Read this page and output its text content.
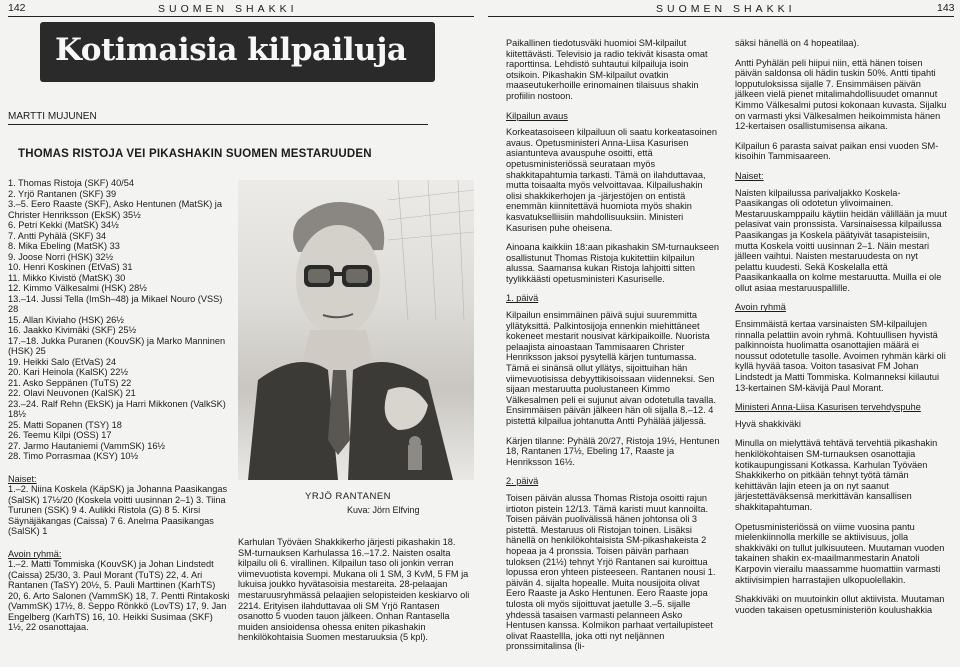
142	SUOMEN SHAKKI
Kotimaisia kilpailuja
MARTTI MUJUNEN
THOMAS RISTOJA VEI PIKASHAKIN SUOMEN MESTARUUDEN
1. Thomas Ristoja (SKF) 40/54
2. Yrjö Rantanen (SKF) 39
3.–5. Eero Raaste (SKF), Asko Hentunen (MatSK) ja Christer Henriksson (EkSK) 35½
6. Petri Kekki (MatSK) 34½
7. Antti Pyhälä (SKF) 34
8. Mika Ebeling (MatSK) 33
9. Joose Norri (HSK) 32½
10. Henri Koskinen (EtVaS) 31
11. Mikko Kivistö (MatSK) 30
12. Kimmo Välkesalmi (HSK) 28½
13.–14. Jussi Tella (ImSh–48) ja Mikael Nouro (VSS) 28
15. Allan Kiviaho (HSK) 26½
16. Jaakko Kivimäki (SKF) 25½
17.–18. Jukka Puranen (KouvSK) ja Marko Manninen (HSK) 25
19. Heikki Salo (EtVaS) 24
20. Kari Heinola (KalSK) 22½
21. Asko Seppänen (TuTS) 22
22. Olavi Neuvonen (KalSK) 21
23.–24. Ralf Rehn (EkSK) ja Harri Mikkonen (ValkSK) 18½
25. Matti Sopanen (TSY) 18
26. Teemu Kilpi (OSS) 17
27. Jarmo Hautaniemi (VammSK) 16½
28. Timo Porrasmaa (KSY) 10½
Naiset:
1.–2. Niina Koskela (KäpSK) ja Johanna Paasikangas (SalSK) 17½/20 (Koskela voitti uusinnan 2–1) 3. Tiina Turunen (SSK) 9 4. Aulikki Ristola (G) 8 5. Kirsi Säynäjäkangas (Caissa) 7 6. Anelma Paasikangas (SalSK) 1
Avoin ryhmä:
1.–2. Matti Tommiska (KouvSK) ja Johan Lindstedt (Caissa) 25/30, 3. Paul Morant (TuTS) 22, 4. Ari Rantanen (TaSY) 20½, 5. Pauli Marttinen (KarhTS) 20, 6. Arto Salonen (VammSK) 18, 7. Pentti Rintakoski (VammSK) 17½, 8. Seppo Rönkkö (LovTS) 17, 9. Jan Engelberg (KarhTS) 16, 10. Heikki Susimaa (SKF) 1½, 22 osanottajaa.
YRJÖ RANTANEN
Kuva: Jörn Elfving
Karhulan Työväen Shakkikerho järjesti pikashakin 18. SM-turnauksen Karhulassa 16.–17.2. Naisten osalta kilpailu oli 6. virallinen. Kilpailun taso oli jonkin verran viimevuotista kovempi. Mukana oli 1 SM, 3 KvM, 5 FM ja lukuisa joukko hyvätasoisia mestareita. 28-pelaajan mestaruusryhmässä pelaajien selopisteiden keskiarvo oli 2214. Erityisen ilahduttavaa oli SM Yrjö Rantasen osanotto 5 vuoden tauon jälkeen. Onhan Rantasella muiden ansioidensa ohessa eniten pikashakin henkilökohtaisia Suomen mestaruuksia (5 kpl).
SUOMEN SHAKKI	143

Paikallinen tiedotusväki huomioi SM-kilpailut kiitettävästi. Televisio ja radio tekivät kisasta omat raporttinsa. Lehdistö suhtautui kilpailuja isoin otsikoin. Pikashakin SM-kilpailut ovatkin maaseutukerhoille erinomainen tilaisuus shakin profiilin nostoon.

Kilpailun avaus

Korkeatasoiseen kilpailuun oli saatu korkeatasoinen avaus. Opetusministeri Anna-Liisa Kasurisen asiantunteva avauspuhe osoitti, että opetusministeriössä seurataan myös shakkitapahtumia tarkasti. Tämä on ilahduttavaa, mutta toisaalta myös velvoittavaa. Kilpailushakin olisi shakkikerhojen ja -järjestöjen on entistä enemmän kiinnitettävä huomiota myös shakin kasvatukselliisiin mahdollisuuksiin. Ministeri Kasurisen puhe oheisena.

Ainoana kaikkiin 18:aan pikashakin SM-turnaukseen osallistunut Thomas Ristoja kukitettiin kilpailun alussa. Saamansa kukan Ristoja lahjoitti sitten tyylikkäästi opetusministeri Kasuriselle.

1. päivä

Kilpailun ensimmäinen päivä sujui suuremmitta yllätyksittä. Palkintosijoja ennenkin miehittäneet kokeneet mestarit nousivat kärkipaikoille. Nuorista pelaajista ainoastaan Tammisaaren Christer Henriksson jaksoi pysytellä kärjen tuntumassa. Tämä ei sinänsä ollut yllätys, sijoittuihan hän viimevuotisissa debyyttikisoissaan viidenneksi. Sen sijaan mestaruutta puolustaneen Kimmo Välkesalmen peli ei sujunut aivan odotetulla tavalla. Ensimmäisen päivän jälkeen hän oli sijalla 8.–12. 4 pistettä kilpailua johtanutta Antti Pyhälää jäljessä.

Kärjen tilanne: Pyhälä 20/27, Ristoja 19½, Hentunen 18, Rantanen 17½, Ebeling 17, Raaste ja Henriksson 16½.

2. päivä

Toisen päivän alussa Thomas Ristoja osoitti rajun irtioton pistein 12/13. Tämä karisti muut kannoilta. Toisen päivän puolivälissä hänen johtonsa oli 3 pistettä. Mestaruus oli Ristojan toinen. Lisäksi hänellä on henkilökohtaisista SM-pikashakeista 2 hopeaa ja 4 pronssia. Toisen päivän parhaan tuloksen (21½) tehnyt Yrjö Rantanen sai kuroittua lopussa eron yhteen pisteeseen. Rantanen nousi 1. päivän 4. sijalta hopealle. Muita nousijoita olivat Eero Raaste ja Asko Hentunen. Eero Raaste jopa tulosta oli myös sijoittuvat jaetulle 3.–5. sijalle yhdessä tasaisen varmasti pelanneen Asko Hentusen kanssa. Kolmikon parhaat vertailupisteet olivat Raastellla, joka otti nyt neljännen pronssimitalinsa (li-

säksi hänellä on 4 hopeatilaa).

Antti Pyhälän peli hiipui niin, että hänen toisen päivän saldonsa oli hädin tuskin 50%. Antti tipahti lopputuloksissa sijalle 7. Ensimmäisen päivän jälkeen vielä pienet mitalimahdollisuudet omannut Kimmo Välkesalmi putosi kokonaan kuvasta. Sijalku on varmasti yksi Välkesalmen heikoimmista hänen 12-kertaisen osallistumisensa aikana.

Kilpailun 6 parasta saivat paikan ensi vuoden SM-kisoihin Tammisaareen.

Naiset:

Naisten kilpailussa parivaljakko Koskela-Paasikangas oli odotetun ylivoimainen. Mestaruuskamppailu käytiin heidän välillään ja muut pelasivat vain pronssista. Varsinaisessa kilpailussa Paasikangas ja Koskela päätyivät tasapisteisiin, mutta Koskela voitti uusinnan 2–1. Näin mestari jälleen vaihtui. Naisten mestaruudesta on nyt pelattu kuudesti. Sekä Koskelalla että Paasikankaalla on kolme mestaruutta. Muilla ei ole ollut asiaa mestaruuspallille.

Avoin ryhmä

Ensimmäistä kertaa varsinaisten SM-kilpailujen rinnalla pelattiin avoin ryhmä. Kohtuullisen hyvistä palkinnoista huolimatta osanottajien määrä ei noussut odotetulle tasolle. Avoimen ryhmän kärki oli kyllä hyvää tasoa. Voiton tasasivat FM Johan Lindstedt ja Matti Tommiska. Kolmanneksi kiilautui 13-kertainen SM-kävijä Paul Morant.

Ministeri Anna-Liisa Kasurisen tervehdyspuhe

Hyvä shakkiväki

Minulla on mielyttävä tehtävä tervehtiä pikashakin henkilökohtaisen SM-turnauksen osanottajia kotikaupungissani Kotkassa. Karhulan Työväen Shakkikerho on pitkään tehnyt työtä tämän kehittävän lajin eteen ja on nyt saanut järjestettäväksensä merkittävän kansallisen shakkitapahtuman.

Opetusministeriössä on viime vuosina pantu mielenkiinnolla merkille se aktiivisuus, jolla shakkiväki on tullut julkisuuteen. Muutaman vuoden takainen shakin ex-maailmanmestarin Anatoli Karpovin vierailu maassamme huomattiin varmasti aktiivisimpien harrastajien ulkopuolellakin.

Shakkiväki on muutoinkin ollut aktiivista. Muutaman vuoden takaisen opetusministeriön koulushakkia
